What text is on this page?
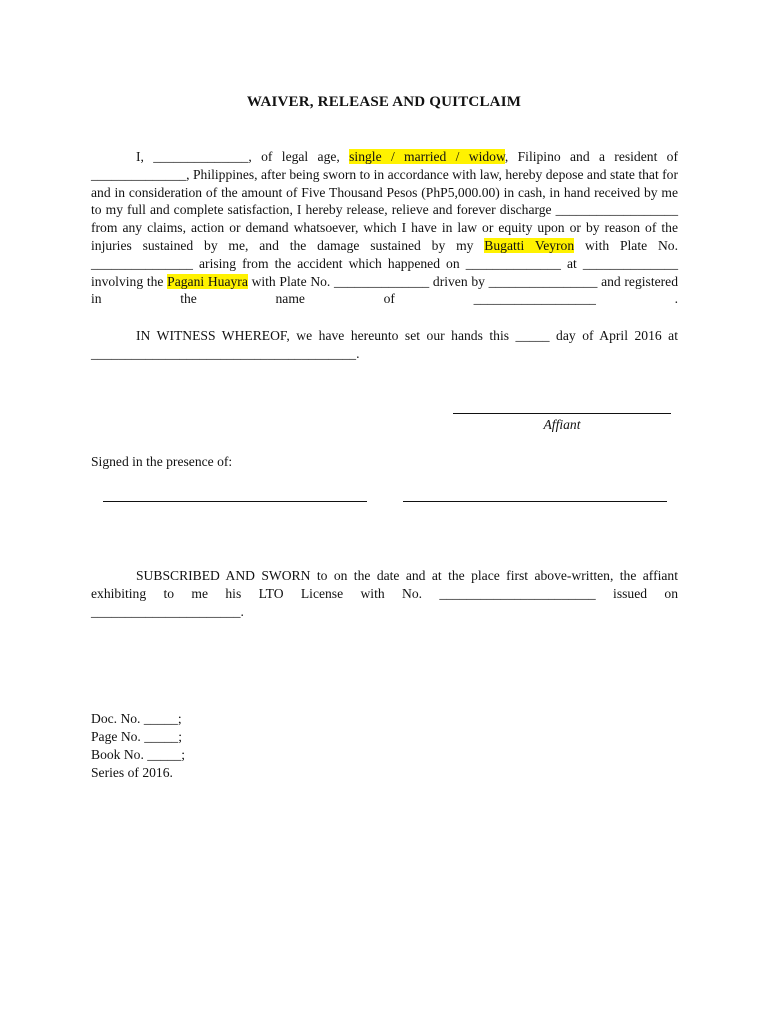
WAIVER, RELEASE AND QUITCLAIM
I, ______________, of legal age, single / married / widow, Filipino and a resident of ______________, Philippines, after being sworn to in accordance with law, hereby depose and state that for and in consideration of the amount of Five Thousand Pesos (PhP5,000.00) in cash, in hand received by me to my full and complete satisfaction, I hereby release, relieve and forever discharge __________________ from any claims, action or demand whatsoever, which I have in law or equity upon or by reason of the injuries sustained by me, and the damage sustained by my Bugatti Veyron with Plate No. _______________ arising from the accident which happened on ______________ at ______________ involving the Pagani Huayra with Plate No. ______________ driven by ________________ and registered in the name of __________________ .
IN WITNESS WHEREOF, we have hereunto set our hands this _____ day of April 2016 at
_______________________________________.
Affiant
Signed in the presence of:
SUBSCRIBED AND SWORN to on the date and at the place first above-written, the affiant exhibiting to me his LTO License with No. _______________________ issued on
______________________.
Doc. No. _____;
Page No. _____;
Book No. _____;
Series of 2016.
